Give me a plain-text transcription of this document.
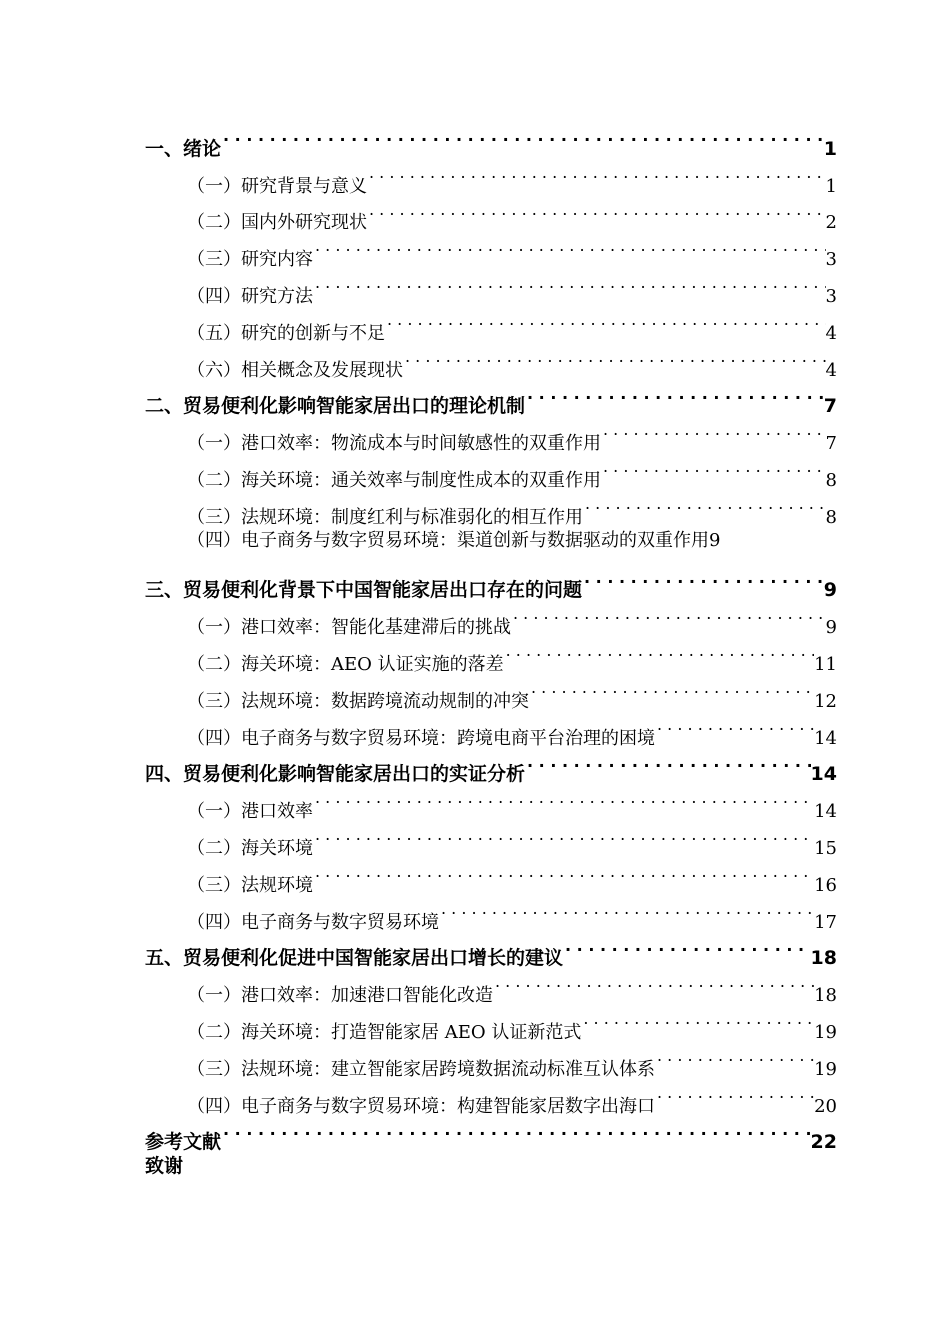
一、绪论 . . .	1
（一）研究背景与意义 . . .	1
（二）国内外研究现状 . . .	2
（三）研究内容 . . .	3
（四）研究方法 . . .	3
（五）研究的创新与不足 . . .	4
（六）相关概念及发展现状 . . .	4
二、贸易便利化影响智能家居出口的理论机制 . . .	7
（一）港口效率：物流成本与时间敏感性的双重作用 . . .	7
（二）海关环境：通关效率与制度性成本的双重作用 . . .	8
（三）法规环境：制度红利与标准弱化的相互作用 . . .	8
（四）电子商务与数字贸易环境：渠道创新与数据驱动的双重作用 9
三、贸易便利化背景下中国智能家居出口存在的问题 . . .	9
（一）港口效率：智能化基建滞后的挑战 . . .	9
（二）海关环境：AEO 认证实施的落差 . . .	11
（三）法规环境：数据跨境流动规制的冲突 . . .	12
（四）电子商务与数字贸易环境：跨境电商平台治理的困境 . . .	14
四、贸易便利化影响智能家居出口的实证分析 . . .	14
（一）港口效率 . . .	14
（二）海关环境 . . .	15
（三）法规环境 . . .	16
（四）电子商务与数字贸易环境 . . .	17
五、贸易便利化促进中国智能家居出口增长的建议 . . .	18
（一）港口效率：加速港口智能化改造 . . .	18
（二）海关环境：打造智能家居 AEO 认证新范式 . . .	19
（三）法规环境：建立智能家居跨境数据流动标准互认体系 . . .	19
（四）电子商务与数字贸易环境：构建智能家居数字出海口 . . .	20
参考文献 . . .	22
致谢
